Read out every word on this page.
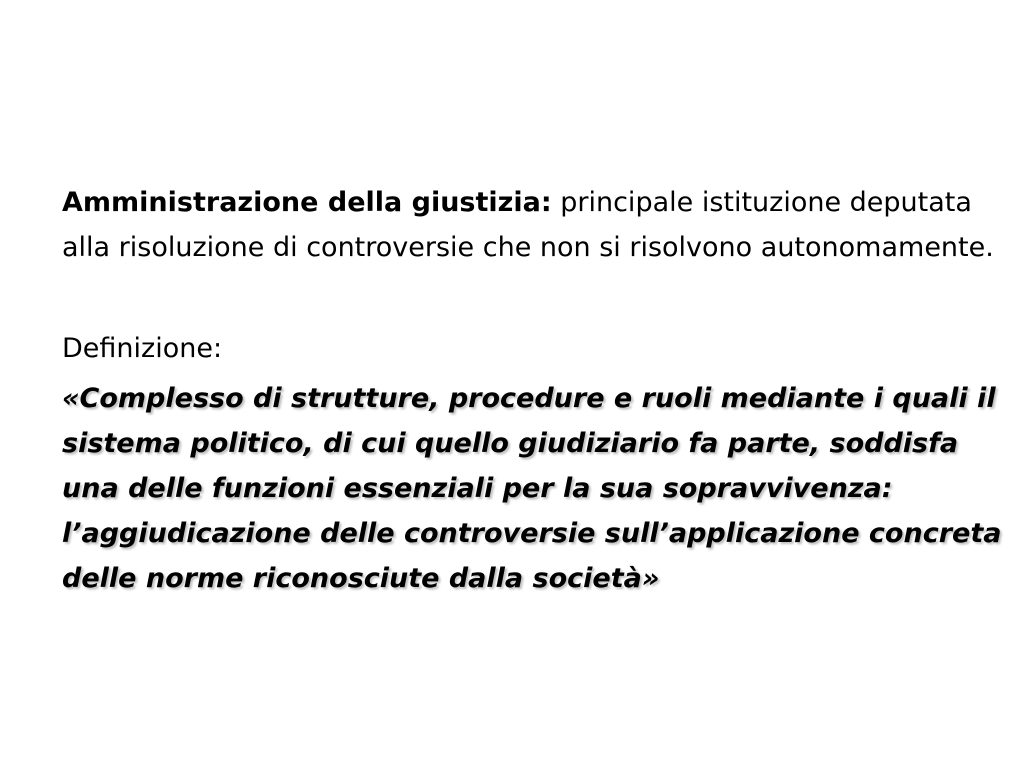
Amministrazione della giustizia: principale istituzione deputata alla risoluzione di controversie che non si risolvono autonomamente.

Definizione:

«Complesso di strutture, procedure e ruoli mediante i quali il sistema politico, di cui quello giudiziario fa parte, soddisfa una delle funzioni essenziali per la sua sopravvivenza: l’aggiudicazione delle controversie sull’applicazione concreta delle norme riconosciute dalla società»
